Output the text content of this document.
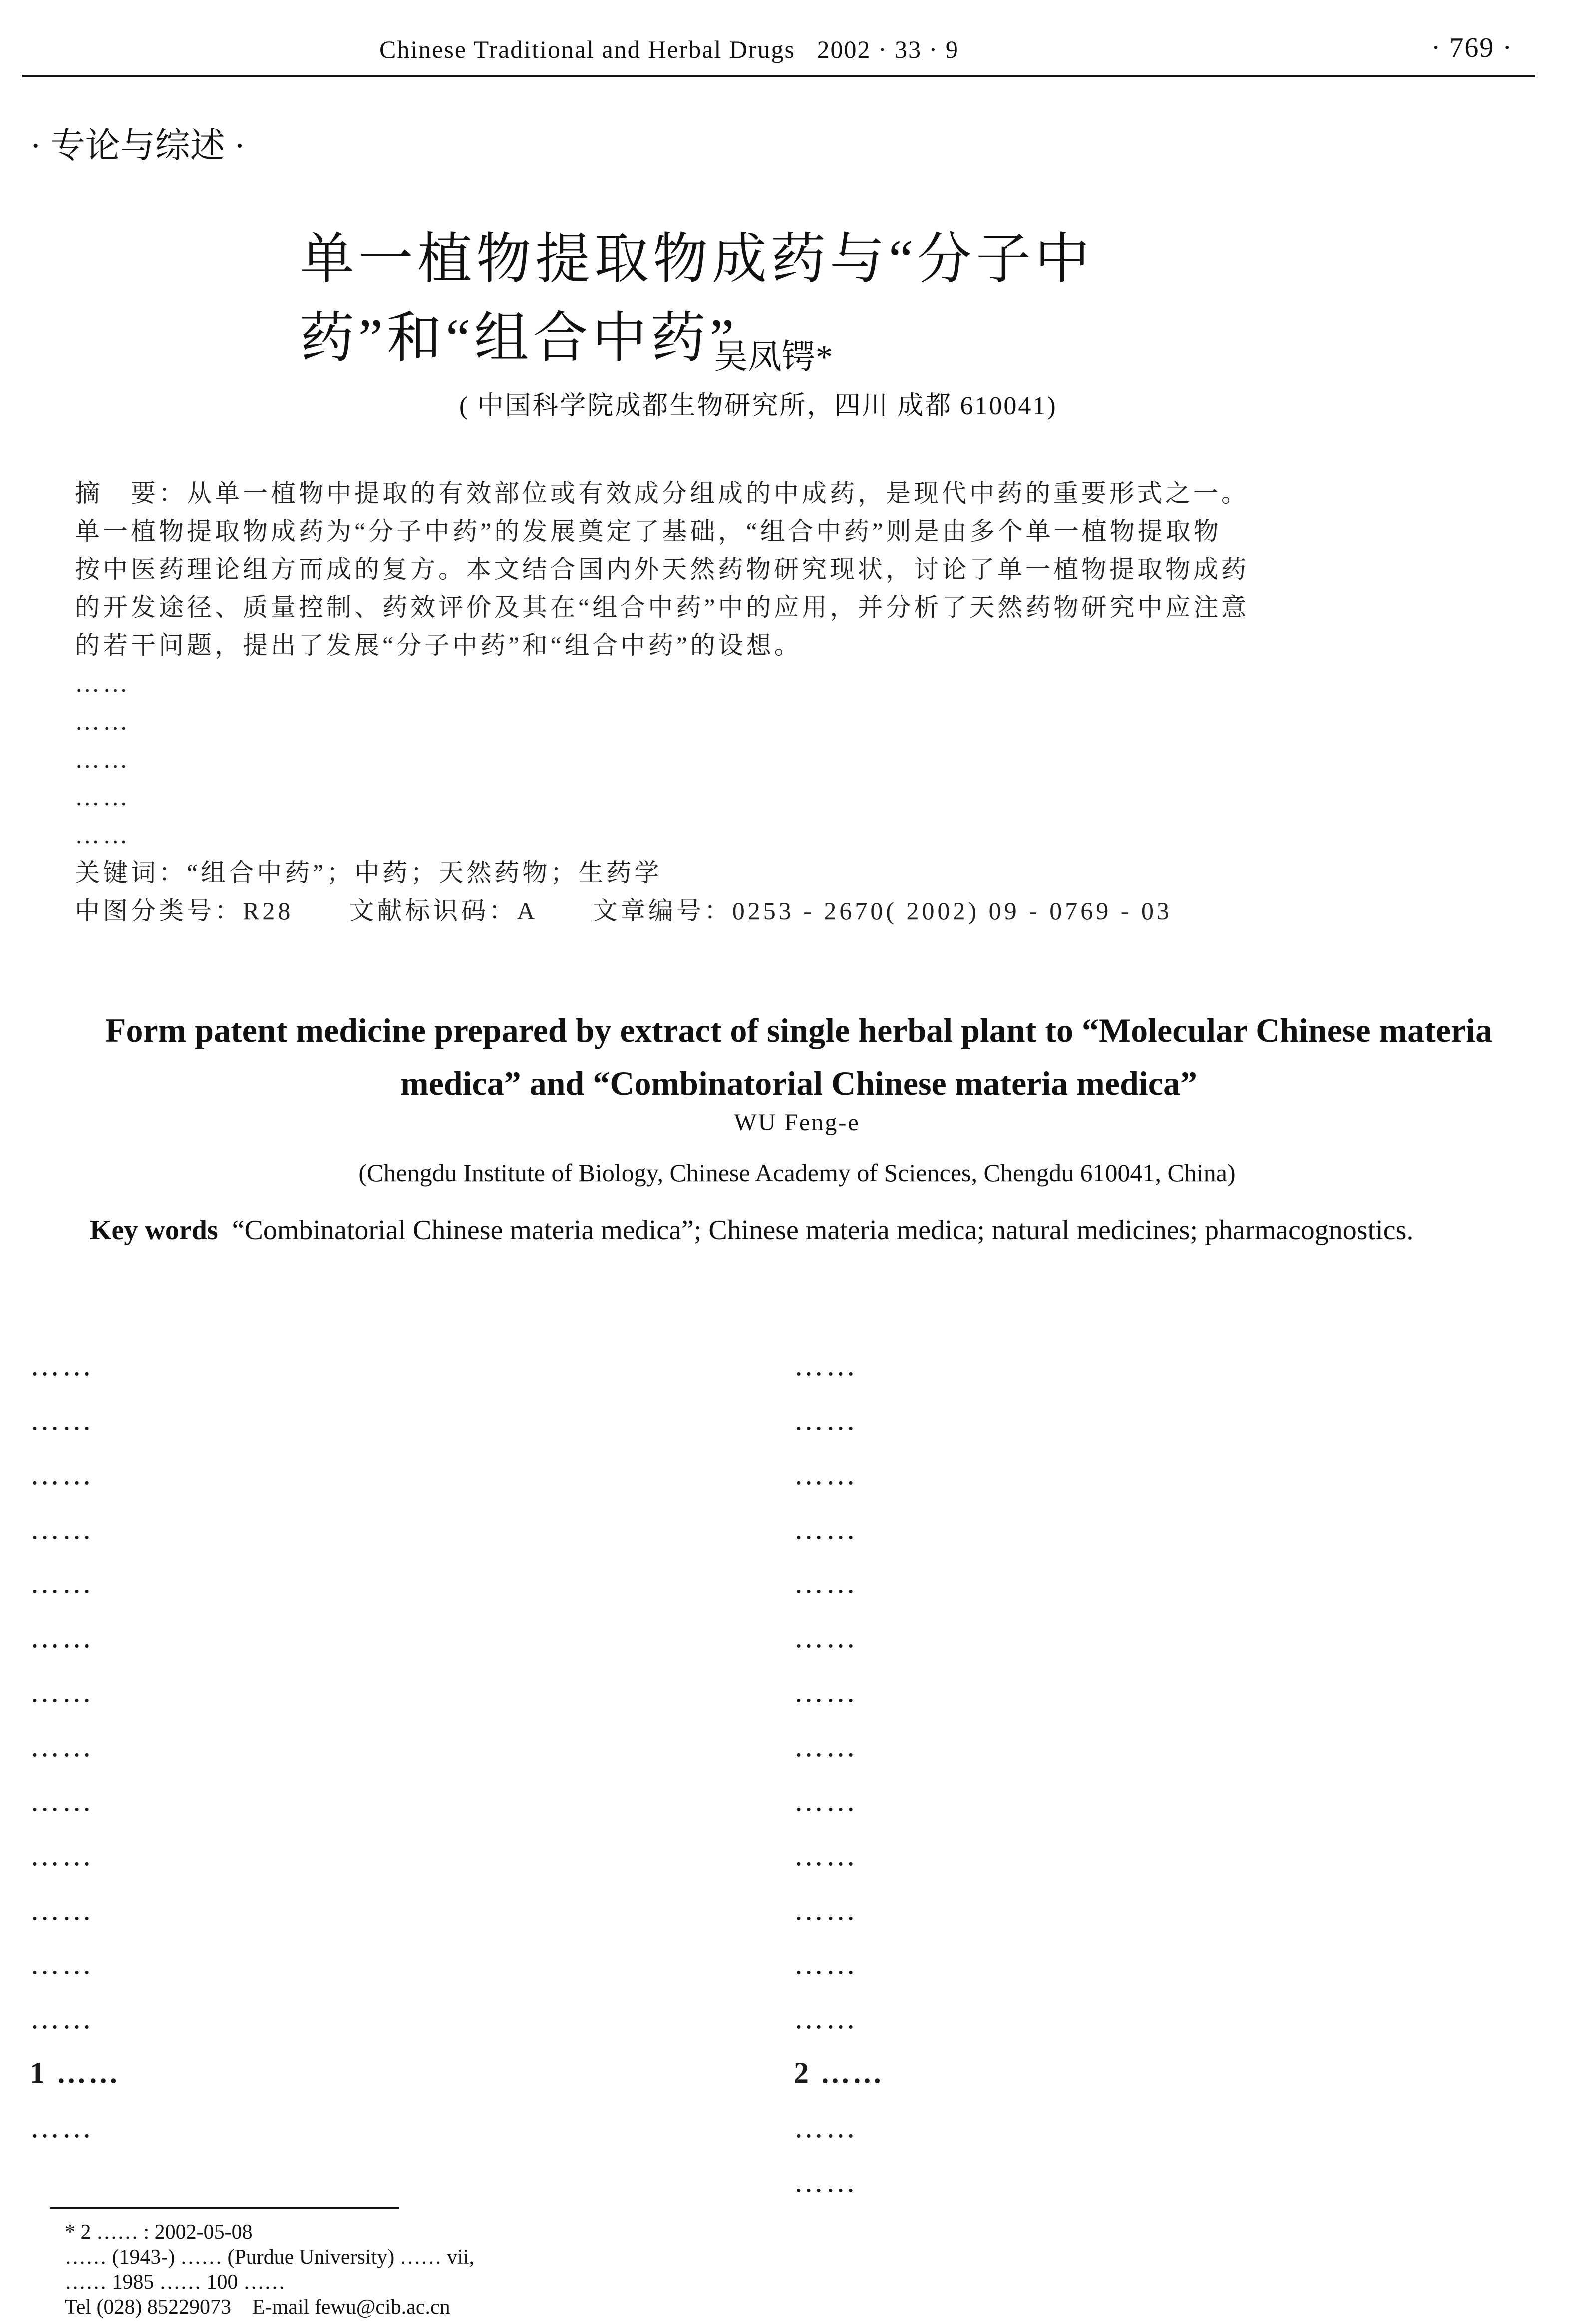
Chinese Traditional and Herbal Drugs 2002 · 33 · 9	· 769 ·
· 专论与综述 ·
单一植物提取物成药与“分子中药”和“组合中药”
吴凤锷*
( 中国科学院成都生物研究所，四川 成都 610041)
摘　要：从单一植物中提取的有效部位或有效成分组成的中成药，是现代中药的重要形式之一。
单一植物提取物成药为“分子中药”的发展奠定了基础，“组合中药”则是由多个单一植物提取物
按中医药理论组方而成的复方。本文结合国内外天然药物研究现状，讨论了单一植物提取物成药
的开发途径、质量控制、药效评价及其在“组合中药”中的应用，并分析了天然药物研究中应注意
的若干问题，提出了发展“分子中药”和“组合中药”的设想。
……
……
……
……
……
关键词：“组合中药”；中药；天然药物；生药学
中图分类号：R28　　文献标识码：A　　文章编号：0253 - 2670( 2002) 09 - 0769 - 03
Form patent medicine prepared by extract of single herbal plant to “Molecular Chinese materia medica” and “Combinatorial Chinese materia medica”
WU Feng-e
(Chengdu Institute of Biology, Chinese Academy of Sciences, Chengdu 610041, China)
Key words “Combinatorial Chinese materia medica”; Chinese materia medica; natural medicines; pharmacognostics.
……
……
……
……
……
……
……
……
……
……
……
……
……
1 ……
……
……
……
……
……
……
……
……
……
……
……
……
……
……
2 ……
……
……
* 2 …… : 2002-05-08
…… (1943-) …… (Purdue University) …… vii,
…… 1985 …… 100 ……
Tel (028) 85229073　E-mail fewu@cib.ac.cn
